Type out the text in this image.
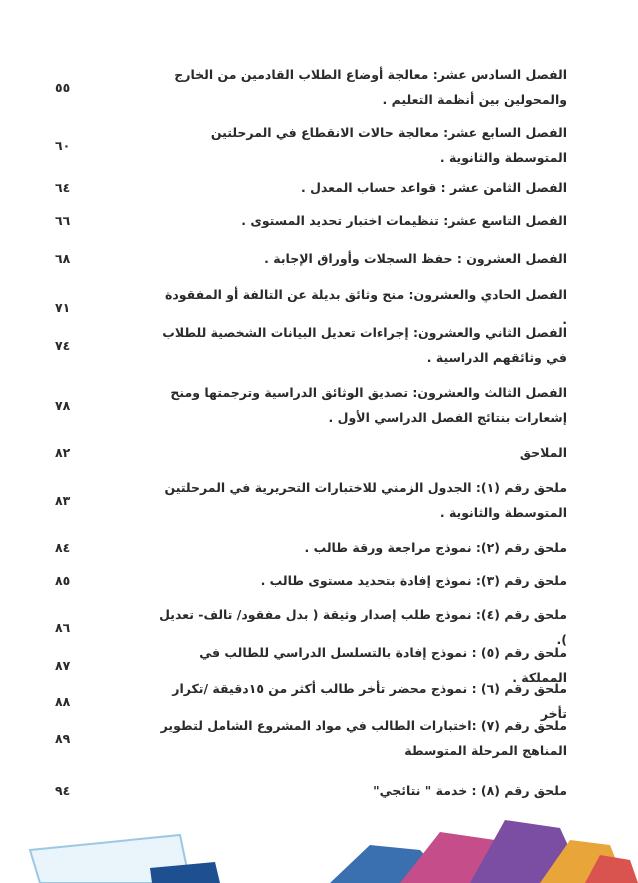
الفصل السادس عشر: معالجة أوضاع الطلاب القادمين من الخارج والمحولين بين أنظمة التعليم .
٥٥
الفصل السابع عشر: معالجة حالات الانقطاع في المرحلتين المتوسطة والثانوية .
٦٠
الفصل الثامن عشر : قواعد حساب المعدل .
٦٤
الفصل التاسع عشر: تنظيمات اختبار تحديد المستوى .
٦٦
الفصل العشرون : حفظ السجلات وأوراق الإجابة .
٦٨
الفصل الحادي والعشرون: منح وثائق بديلة عن التالفة أو المفقودة .
٧١
الفصل الثاني والعشرون: إجراءات تعديل البيانات الشخصية للطلاب في وثائقهم الدراسية .
٧٤
الفصل الثالث والعشرون: تصديق الوثائق الدراسية وترجمتها ومنح إشعارات بنتائج الفصل الدراسي الأول .
٧٨
الملاحق
٨٢
ملحق رقم (١): الجدول الزمني للاختبارات التحريرية في المرحلتين المتوسطة والثانوية .
٨٣
ملحق رقم (٢): نموذج مراجعة ورقة طالب .
٨٤
ملحق رقم (٣): نموذج إفادة بتحديد مستوى طالب .
٨٥
ملحق رقم (٤): نموذج طلب إصدار وثيقة ( بدل مفقود/ تالف- تعديل ).
٨٦
ملحق رقم (٥) : نموذج إفادة بالتسلسل الدراسي للطالب في المملكة .
٨٧
ملحق رقم (٦) : نموذج محضر تأخر طالب أكثر من ١٥دقيقة /تكرار تأخر
٨٨
ملحق رقم (٧) :اختبارات الطالب في مواد المشروع الشامل لتطوير المناهج المرحلة المتوسطة
٨٩
ملحق رقم (٨) : خدمة " نتائجي"
٩٤
